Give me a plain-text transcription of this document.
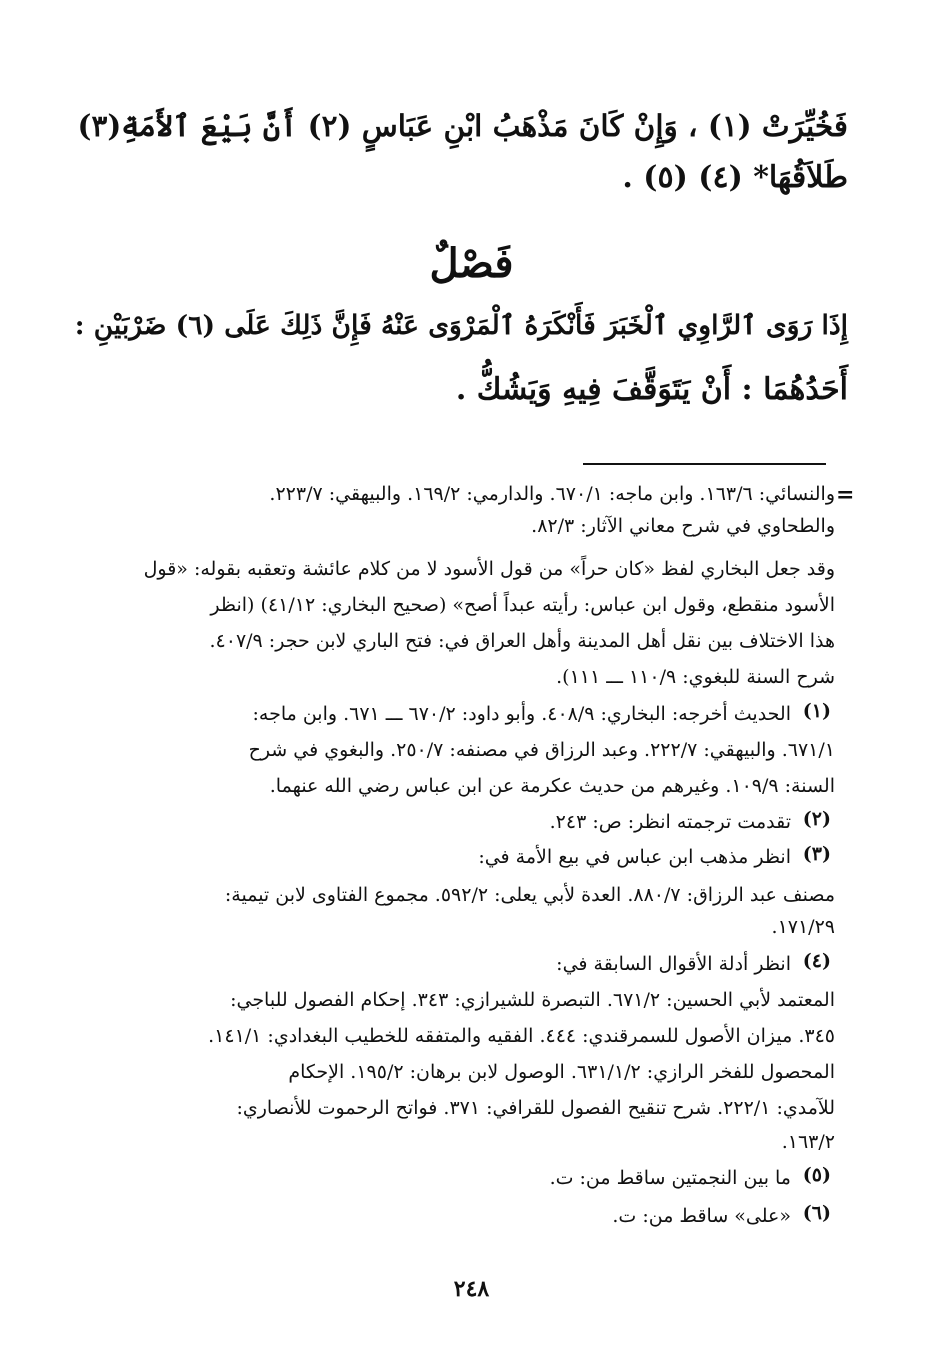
فَخُيِّرَتْ (١) ، وَإِنْ كَانَ مَذْهَبُ ابْنِ عَبَاسٍ (٢) أَنَّ بَيْعَ ٱلأَمَةِ(٣)
طَلاَقُهَا* (٤) (٥) .
فَصْلٌ
إِذَا رَوَى ٱلرَّاوِي ٱلْخَبَرَ فَأَنْكَرَهُ ٱلْمَرْوَى عَنْهُ فَإِنَّ ذَلِكَ عَلَى (٦) ضَرْبَيْنِ :
أَحَدُهُمَا : أَنْ يَتَوَقَّفَ فِيهِ وَيَشُكُّ .
=
والنسائي: ١٦٣/٦. وابن ماجه: ٦٧٠/١. والدارمي: ١٦٩/٢. والبيهقي: ٢٢٣/٧.
والطحاوي في شرح معاني الآثار: ٨٢/٣.
وقد جعل البخاري لفظ «كان حراً» من قول الأسود لا من كلام عائشة وتعقبه بقوله: «قول
الأسود منقطع، وقول ابن عباس: رأيته عبداً أصح» (صحيح البخاري: ٤١/١٢) (انظر
هذا الاختلاف بين نقل أهل المدينة وأهل العراق في: فتح الباري لابن حجر: ٤٠٧/٩.
شرح السنة للبغوي: ١١٠/٩ ـــ ١١١).
(١)
الحديث أخرجه: البخاري: ٤٠٨/٩. وأبو داود: ٦٧٠/٢ ـــ ٦٧١. وابن ماجه:
٦٧١/١. والبيهقي: ٢٢٢/٧. وعبد الرزاق في مصنفه: ٢٥٠/٧. والبغوي في شرح
السنة: ١٠٩/٩. وغيرهم من حديث عكرمة عن ابن عباس رضي الله عنهما.
(٢)
تقدمت ترجمته انظر: ص: ٢٤٣.
(٣)
انظر مذهب ابن عباس في بيع الأمة في:
مصنف عبد الرزاق: ٨٨٠/٧. العدة لأبي يعلى: ٥٩٢/٢. مجموع الفتاوى لابن تيمية:
١٧١/٢٩.
(٤)
انظر أدلة الأقوال السابقة في:
المعتمد لأبي الحسين: ٦٧١/٢. التبصرة للشيرازي: ٣٤٣. إحكام الفصول للباجي:
٣٤٥. ميزان الأصول للسمرقندي: ٤٤٤. الفقيه والمتفقه للخطيب البغدادي: ١٤١/١.
المحصول للفخر الرازي: ٦٣١/١/٢. الوصول لابن برهان: ١٩٥/٢. الإحكام
للآمدي: ٢٢٢/١. شرح تنقيح الفصول للقرافي: ٣٧١. فواتح الرحموت للأنصاري:
١٦٣/٢.
(٥)
ما بين النجمتين ساقط من: ت.
(٦)
«على» ساقط من: ت.
٢٤٨
